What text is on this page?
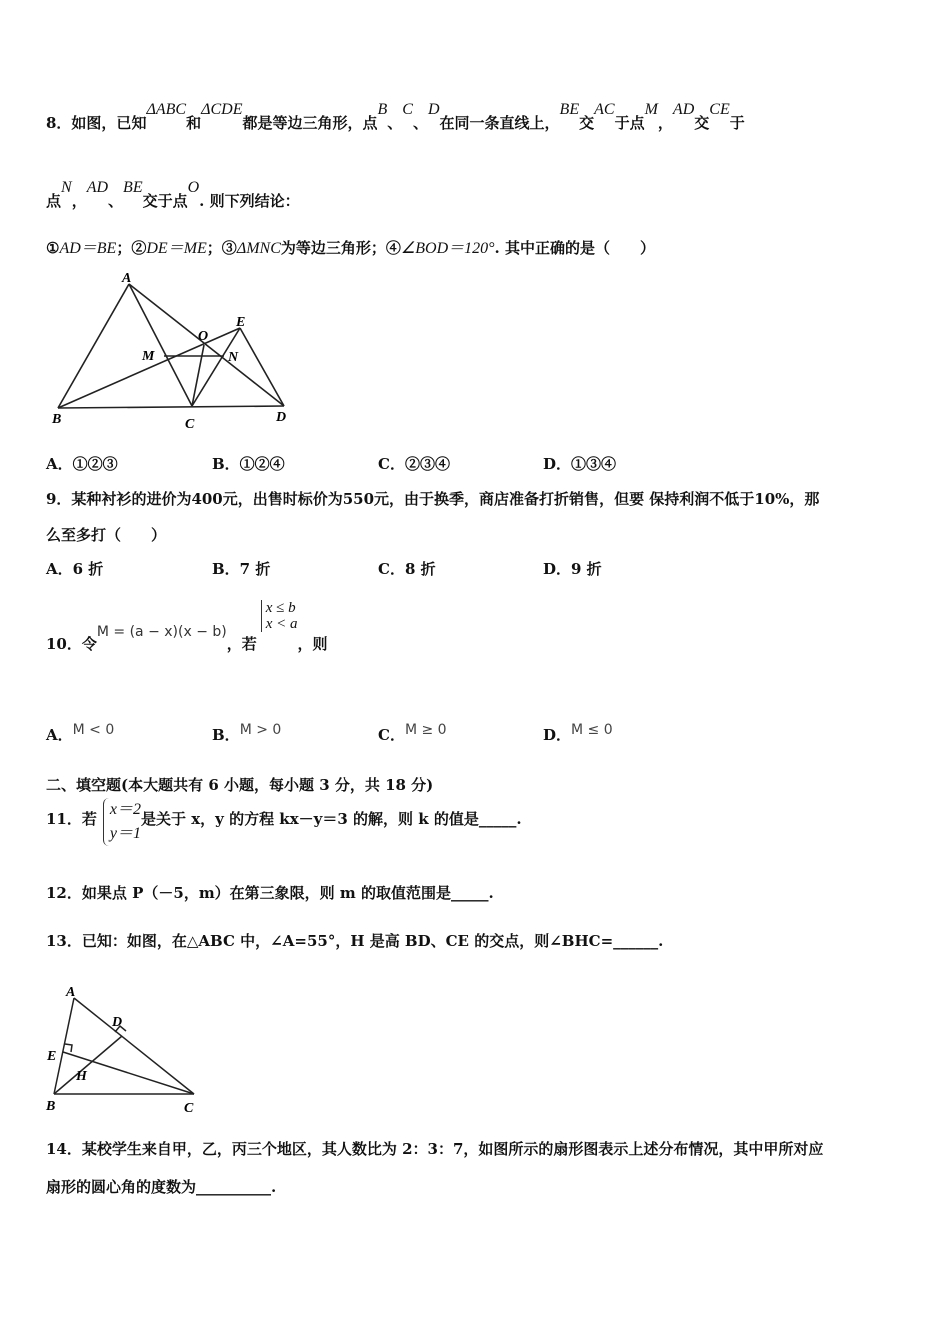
8．如图，已知ΔABC和ΔCDE都是等边三角形，点B、C、D在同一条直线上，BE交AC于点M，AD交CE于
点N，AD、BE交于点O. 则下列结论：
①AD＝BE；②DE＝ME；③ΔMNC为等边三角形；④∠BOD＝120°. 其中正确的是（　　）
A
O
E
M	N
B	C	D
A．①②③	B．①②④	C．②③④	D．①③④
9．某种衬衫的进价为400元，出售时标价为550元，由于换季，商店准备打折销售，但要 保持利润不低于10%，那
么至多打（　　）
A．6 折	B．7 折	C．8 折	D．9 折
10．令M = (a − x)(x − b)，若x ≤ b
x < a，则
A．M < 0	B．M > 0	C．M ≥ 0	D．M ≤ 0
二、填空题(本大题共有 6 小题，每小题 3 分，共 18 分)
11．若x＝2
y＝1是关于 x，y 的方程 kx－y＝3 的解，则 k 的值是_____.
12．如果点 P（－5，m）在第三象限，则 m 的取值范围是_____.
13．已知：如图，在△ABC 中，∠A=55°，H 是高 BD、CE 的交点，则∠BHC=______.
A
D
E
H
B	C
14．某校学生来自甲，乙，丙三个地区，其人数比为 2：3：7，如图所示的扇形图表示上述分布情况，其中甲所对应
扇形的圆心角的度数为__________.
